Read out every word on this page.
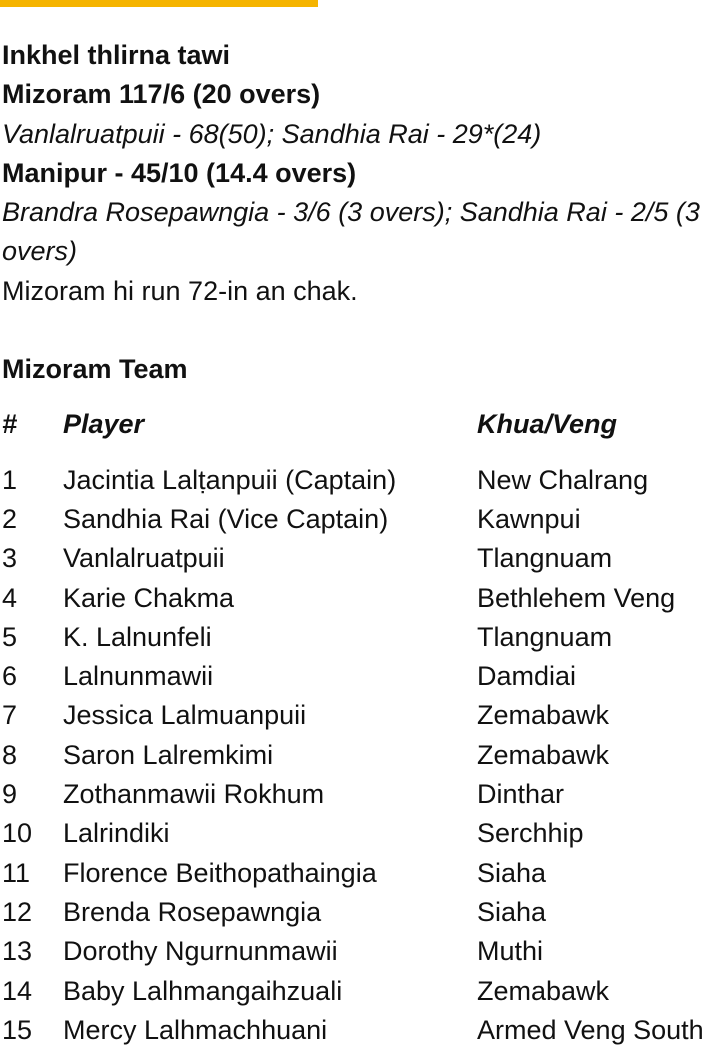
Inkhel thlirna tawi
Mizoram 117/6 (20 overs)
Vanlalruatpuii - 68(50); Sandhia Rai - 29*(24)
Manipur - 45/10 (14.4 overs)
Brandra Rosepawngia - 3/6 (3 overs); Sandhia Rai - 2/5 (3 overs)
Mizoram hi run 72-in an chak.
Mizoram Team
#	Player	Khua/Veng
1	Jacintia Lalṭanpuii (Captain)	New Chalrang
2	Sandhia Rai (Vice Captain)	Kawnpui
3	Vanlalruatpuii	Tlangnuam
4	Karie Chakma	Bethlehem Veng
5	K. Lalnunfeli	Tlangnuam
6	Lalnunmawii	Damdiai
7	Jessica Lalmuanpuii	Zemabawk
8	Saron Lalremkimi	Zemabawk
9	Zothanmawii Rokhum	Dinthar
10	Lalrindiki	Serchhip
11	Florence Beithopathaingia	Siaha
12	Brenda Rosepawngia	Siaha
13	Dorothy Ngurnunmawii	Muthi
14	Baby Lalhmangaihzuali	Zemabawk
15	Mercy Lalhmachhuani	Armed Veng South
